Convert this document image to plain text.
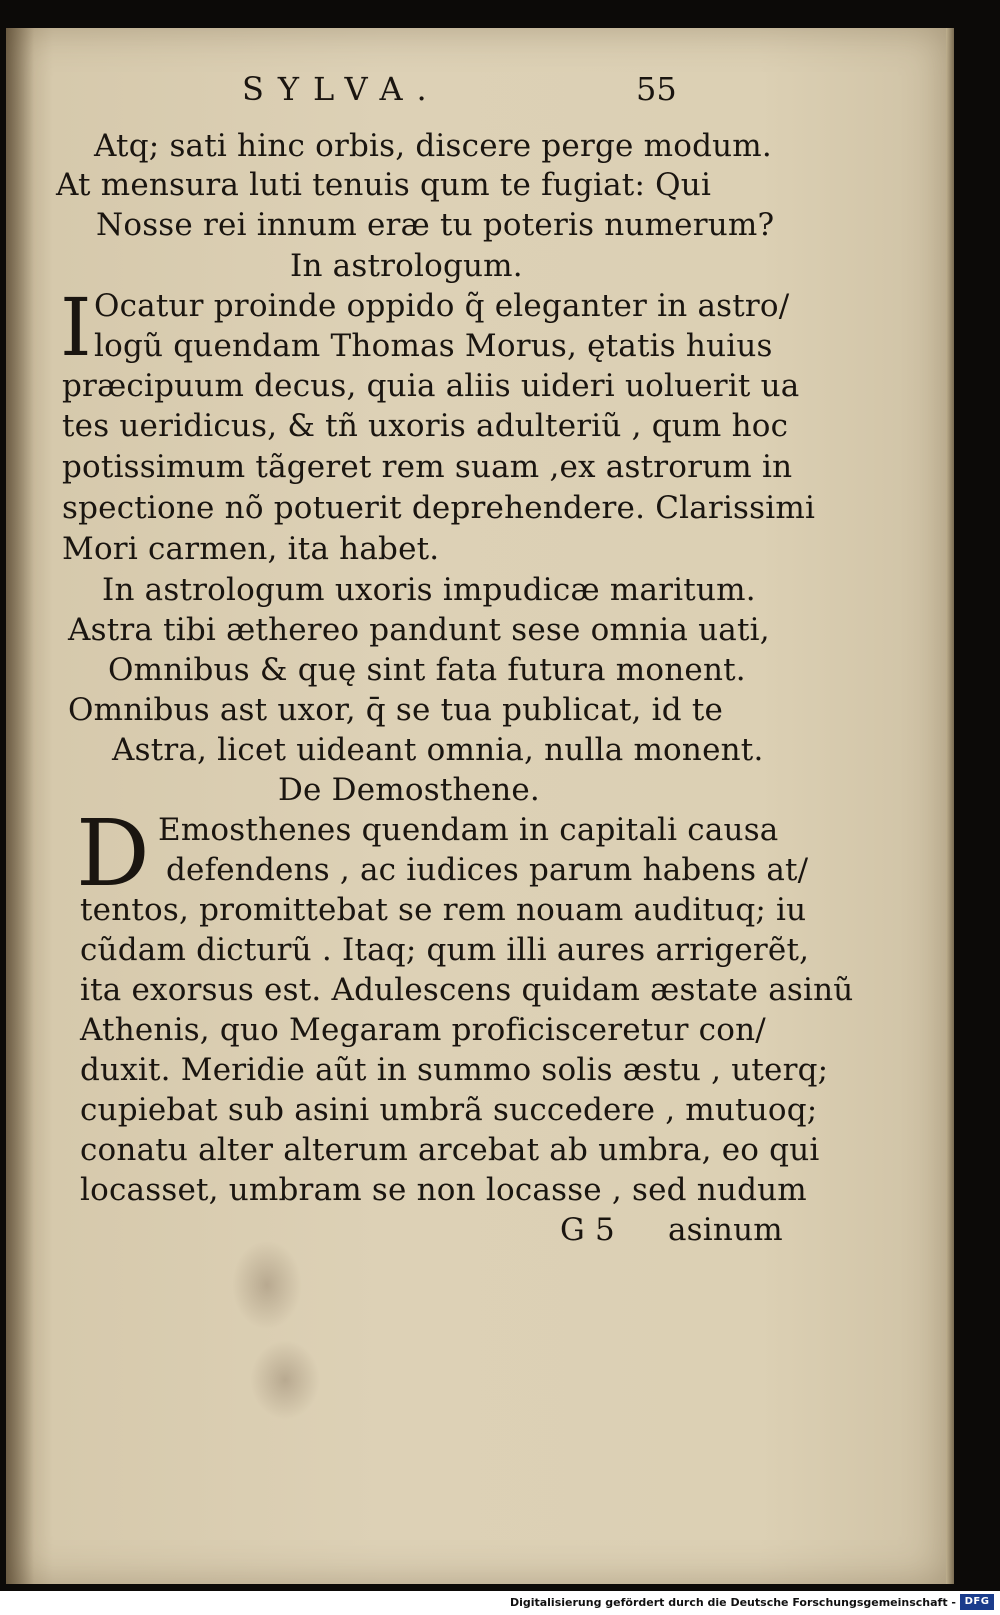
SYLVA.	55
Atq; sati hinc orbis, discere perge modum.
At mensura luti tenuis qum te fugiat: Qui
Nosse rei innum eræ tu poteris numerum?
In astrologum.
I Ocatur proinde oppido q̃ eleganter in astro/
logũ quendam Thomas Morus, ętatis huius
præcipuum decus, quia aliis uideri uoluerit ua
tes ueridicus, & tñ uxoris adulteriũ , qum hoc
potissimum tãgeret rem suam ,ex astrorum in
spectione nõ potuerit deprehendere. Clarissimi
Mori carmen, ita habet.
In astrologum uxoris impudicæ maritum.
Astra tibi æthereo pandunt sese omnia uati,
Omnibus & quę sint fata futura monent.
Omnibus ast uxor, q̄ se tua publicat, id te
Astra, licet uideant omnia, nulla monent.
De Demosthene.
D Emosthenes quendam in capitali causa
defendens , ac iudices parum habens at/
tentos, promittebat se rem nouam audituq; iu
cũdam dicturũ . Itaq; qum illi aures arrigerẽt,
ita exorsus est. Adulescens quidam æstate asinũ
Athenis, quo Megaram proficisceretur con/
duxit. Meridie aũt in summo solis æstu , uterq;
cupiebat sub asini umbrã succedere , mutuoq;
conatu alter alterum arcebat ab umbra, eo qui
locasset, umbram se non locasse , sed nudum
G 5 asinum
Digitalisierung gefördert durch die Deutsche Forschungsgemeinschaft - DFG
